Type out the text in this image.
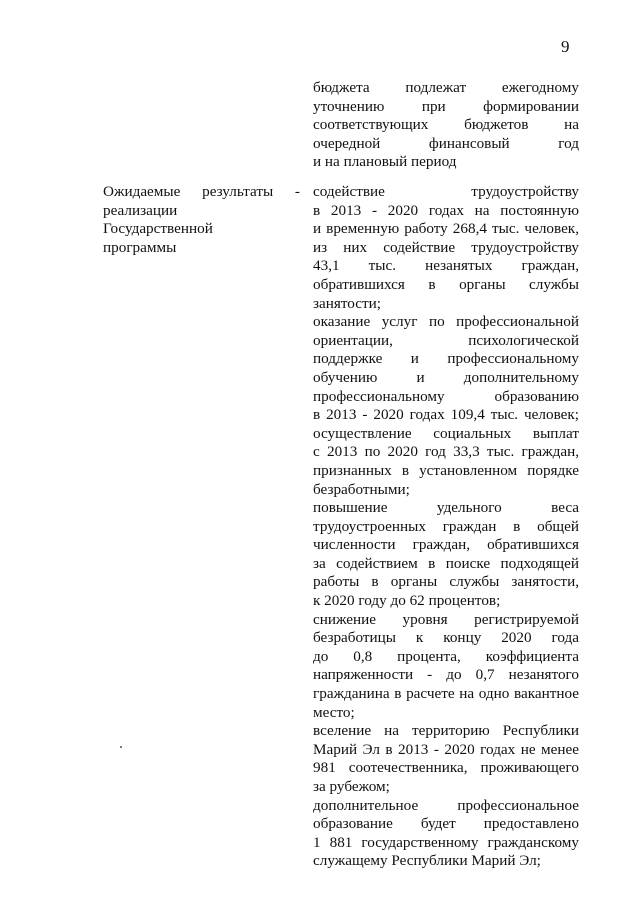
9
бюджета подлежат ежегодному
уточнению при формировании
соответствующих бюджетов на
очередной финансовый год
и на плановый период
Ожидаемые результаты -
реализации
Государственной
программы
содействие трудоустройству
в 2013 - 2020 годах на постоянную
и временную работу 268,4 тыс. человек,
из них содействие трудоустройству
43,1 тыс. незанятых граждан,
обратившихся в органы службы
занятости;
оказание услуг по профессиональной
ориентации, психологической
поддержке и профессиональному
обучению и дополнительному
профессиональному образованию
в 2013 - 2020 годах 109,4 тыс. человек;
осуществление социальных выплат
с 2013 по 2020 год 33,3 тыс. граждан,
признанных в установленном порядке
безработными;
повышение удельного веса
трудоустроенных граждан в общей
численности граждан, обратившихся
за содействием в поиске подходящей
работы в органы службы занятости,
к 2020 году до 62 процентов;
снижение уровня регистрируемой
безработицы к концу 2020 года
до 0,8 процента, коэффициента
напряженности - до 0,7 незанятого
гражданина в расчете на одно вакантное
место;
вселение на территорию Республики
Марий Эл в 2013 - 2020 годах не менее
981 соотечественника, проживающего
за рубежом;
дополнительное профессиональное
образование будет предоставлено
1 881 государственному гражданскому
служащему Республики Марий Эл;
